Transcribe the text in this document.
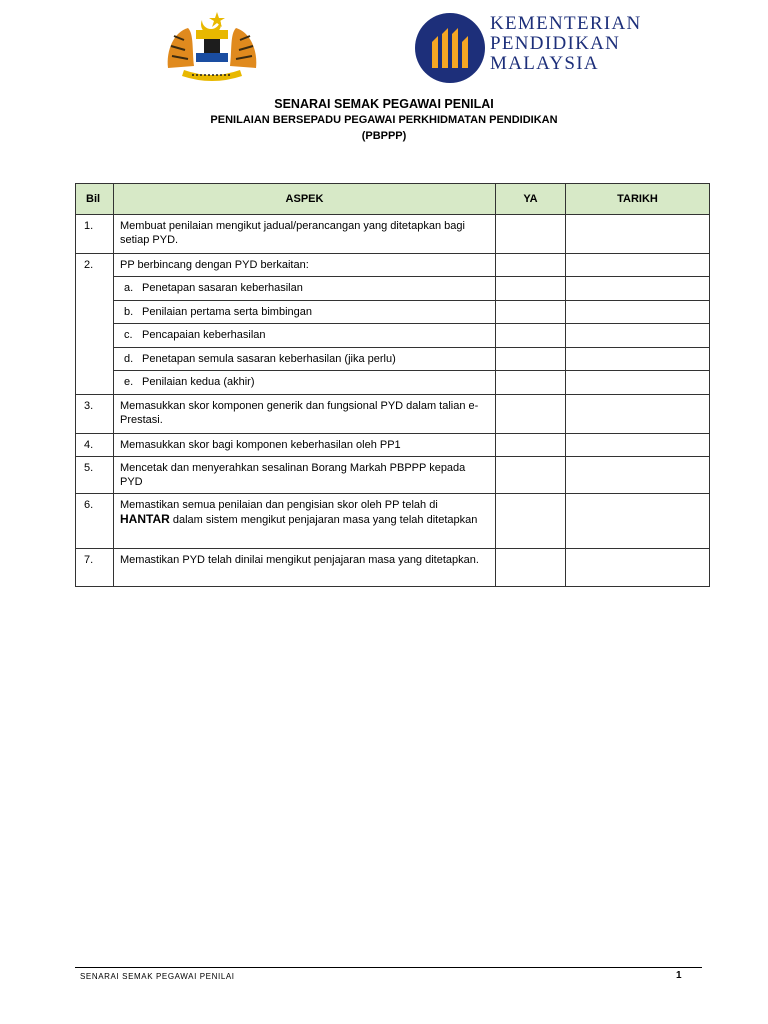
KEMENTERIAN
PENDIDIKAN
MALAYSIA
SENARAI SEMAK PEGAWAI PENILAI
PENILAIAN BERSEPADU PEGAWAI PERKHIDMATAN PENDIDIKAN
(PBPPP)
Bil	ASPEK	YA	TARIKH
1.	Membuat penilaian mengikut jadual/perancangan yang ditetapkan bagi setiap PYD.		
2.	PP berbincang dengan PYD berkaitan:		
	a. Penetapan sasaran keberhasilan		
	b. Penilaian pertama serta bimbingan		
	c. Pencapaian keberhasilan		
	d. Penetapan semula sasaran keberhasilan (jika perlu)		
	e. Penilaian kedua (akhir)		
3.	Memasukkan skor komponen generik dan fungsional PYD dalam talian e-Prestasi.		
4.	Memasukkan skor bagi komponen keberhasilan oleh PP1		
5.	Mencetak dan menyerahkan sesalinan Borang Markah PBPPP kepada PYD		
6.	Memastikan semua penilaian dan pengisian skor oleh PP telah di
HANTAR dalam sistem mengikut penjajaran masa yang telah ditetapkan		
7.	Memastikan PYD telah dinilai mengikut penjajaran masa yang ditetapkan.		
SENARAI SEMAK PEGAWAI PENILAI	1
